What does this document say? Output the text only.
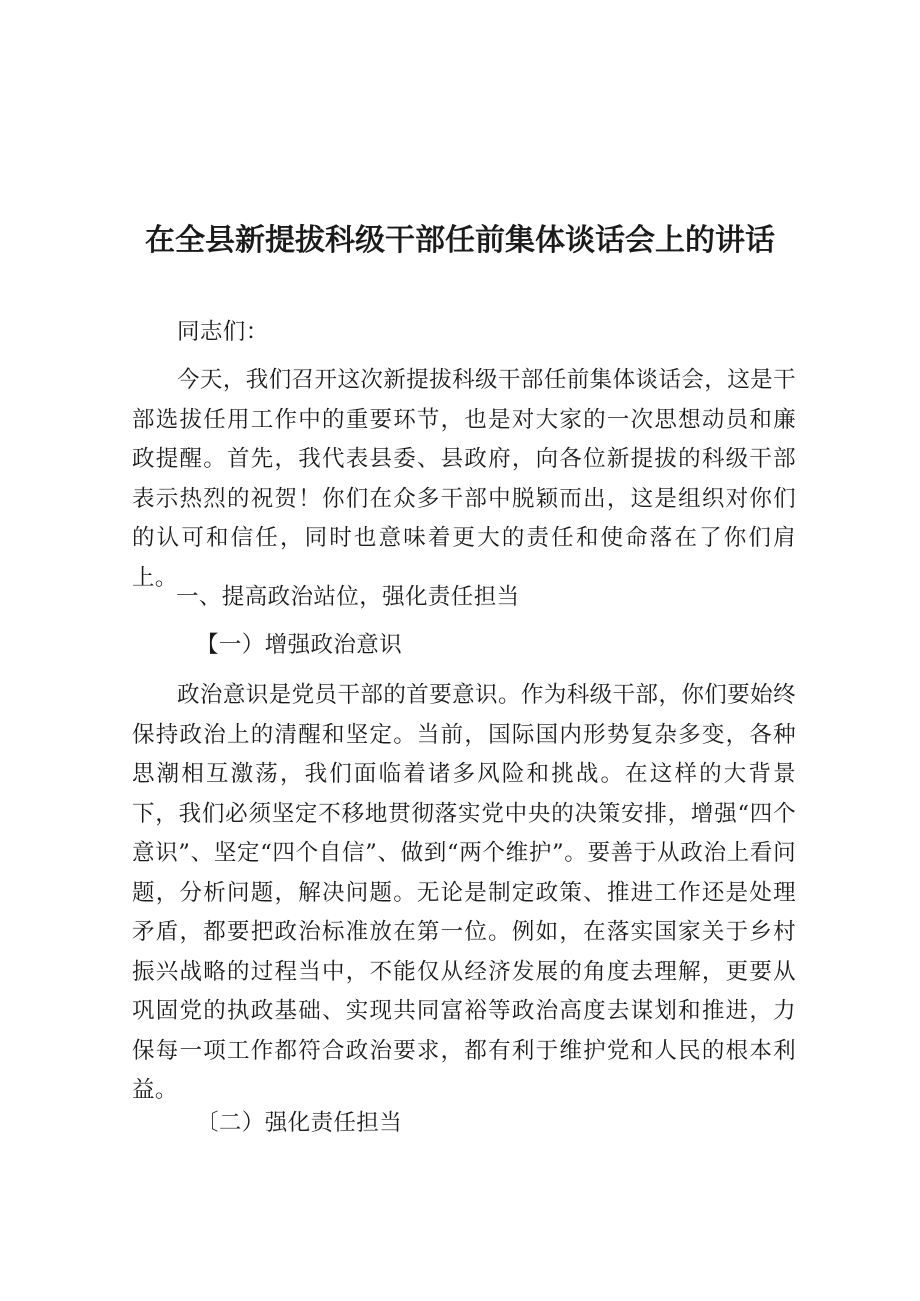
在全县新提拔科级干部任前集体谈话会上的讲话

同志们：

今天，我们召开这次新提拔科级干部任前集体谈话会，这是干部选拔任用工作中的重要环节，也是对大家的一次思想动员和廉政提醒。首先，我代表县委、县政府，向各位新提拔的科级干部表示热烈的祝贺！你们在众多干部中脱颖而出，这是组织对你们的认可和信任，同时也意味着更大的责任和使命落在了你们肩上。

一、提高政治站位，强化责任担当

【一）增强政治意识

政治意识是党员干部的首要意识。作为科级干部，你们要始终保持政治上的清醒和坚定。当前，国际国内形势复杂多变，各种思潮相互激荡，我们面临着诸多风险和挑战。在这样的大背景下，我们必须坚定不移地贯彻落实党中央的决策安排，增强“四个意识”、坚定“四个自信”、做到“两个维护”。要善于从政治上看问题，分析问题，解决问题。无论是制定政策、推进工作还是处理矛盾，都要把政治标准放在第一位。例如，在落实国家关于乡村振兴战略的过程当中，不能仅从经济发展的角度去理解，更要从巩固党的执政基础、实现共同富裕等政治高度去谋划和推进，力保每一项工作都符合政治要求，都有利于维护党和人民的根本利益。

〔二）强化责任担当
